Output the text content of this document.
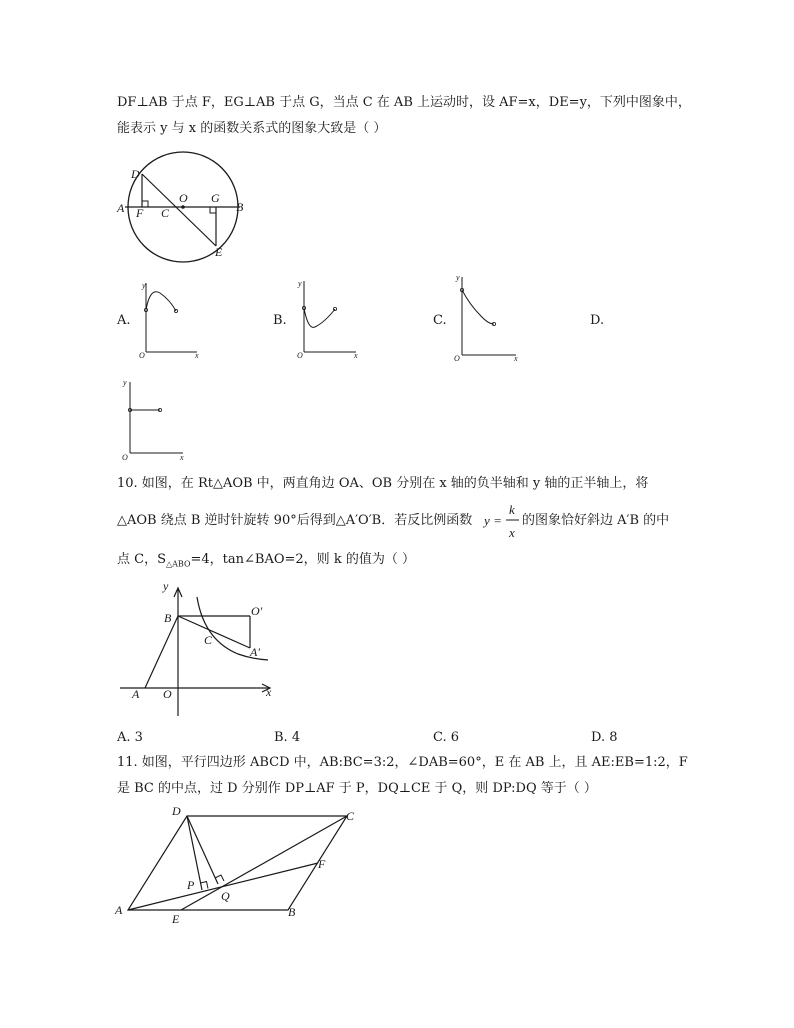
DF⊥AB 于点 F，EG⊥AB 于点 G，当点 C 在 AB 上运动时，设 AF=x，DE=y，下列中图象中，
能表示 y 与 x 的函数关系式的图象大致是（ ）
D
A F C
O G
B
E
A.	B.	C.	D.
y
x
O
y
x
O
y
x
O
y
x
O
10. 如图，在 Rt△AOB 中，两直角边 OA、OB 分别在 x 轴的负半轴和 y 轴的正半轴上，将
△AOB 绕点 B 逆时针旋转 90°后得到△A′O′B．若反比例函数 y =
k
x
的图象恰好斜边 A′B 的中
点 C，$S_{\triangle ABO}=4$，tan∠BAO=2，则 k 的值为（ ）
y
x
B	O′
C
A′
A O
A. 3	B. 4	C. 6	D. 8
11. 如图，平行四边形 ABCD 中，AB:BC=3:2，∠DAB=60°，E 在 AB 上，且 AE:EB=1:2，F
是 BC 的中点，过 D 分别作 DP⊥AF 于 P，DQ⊥CE 于 Q，则 DP:DQ 等于（ ）
D	C
F
P
Q
A
E	B
